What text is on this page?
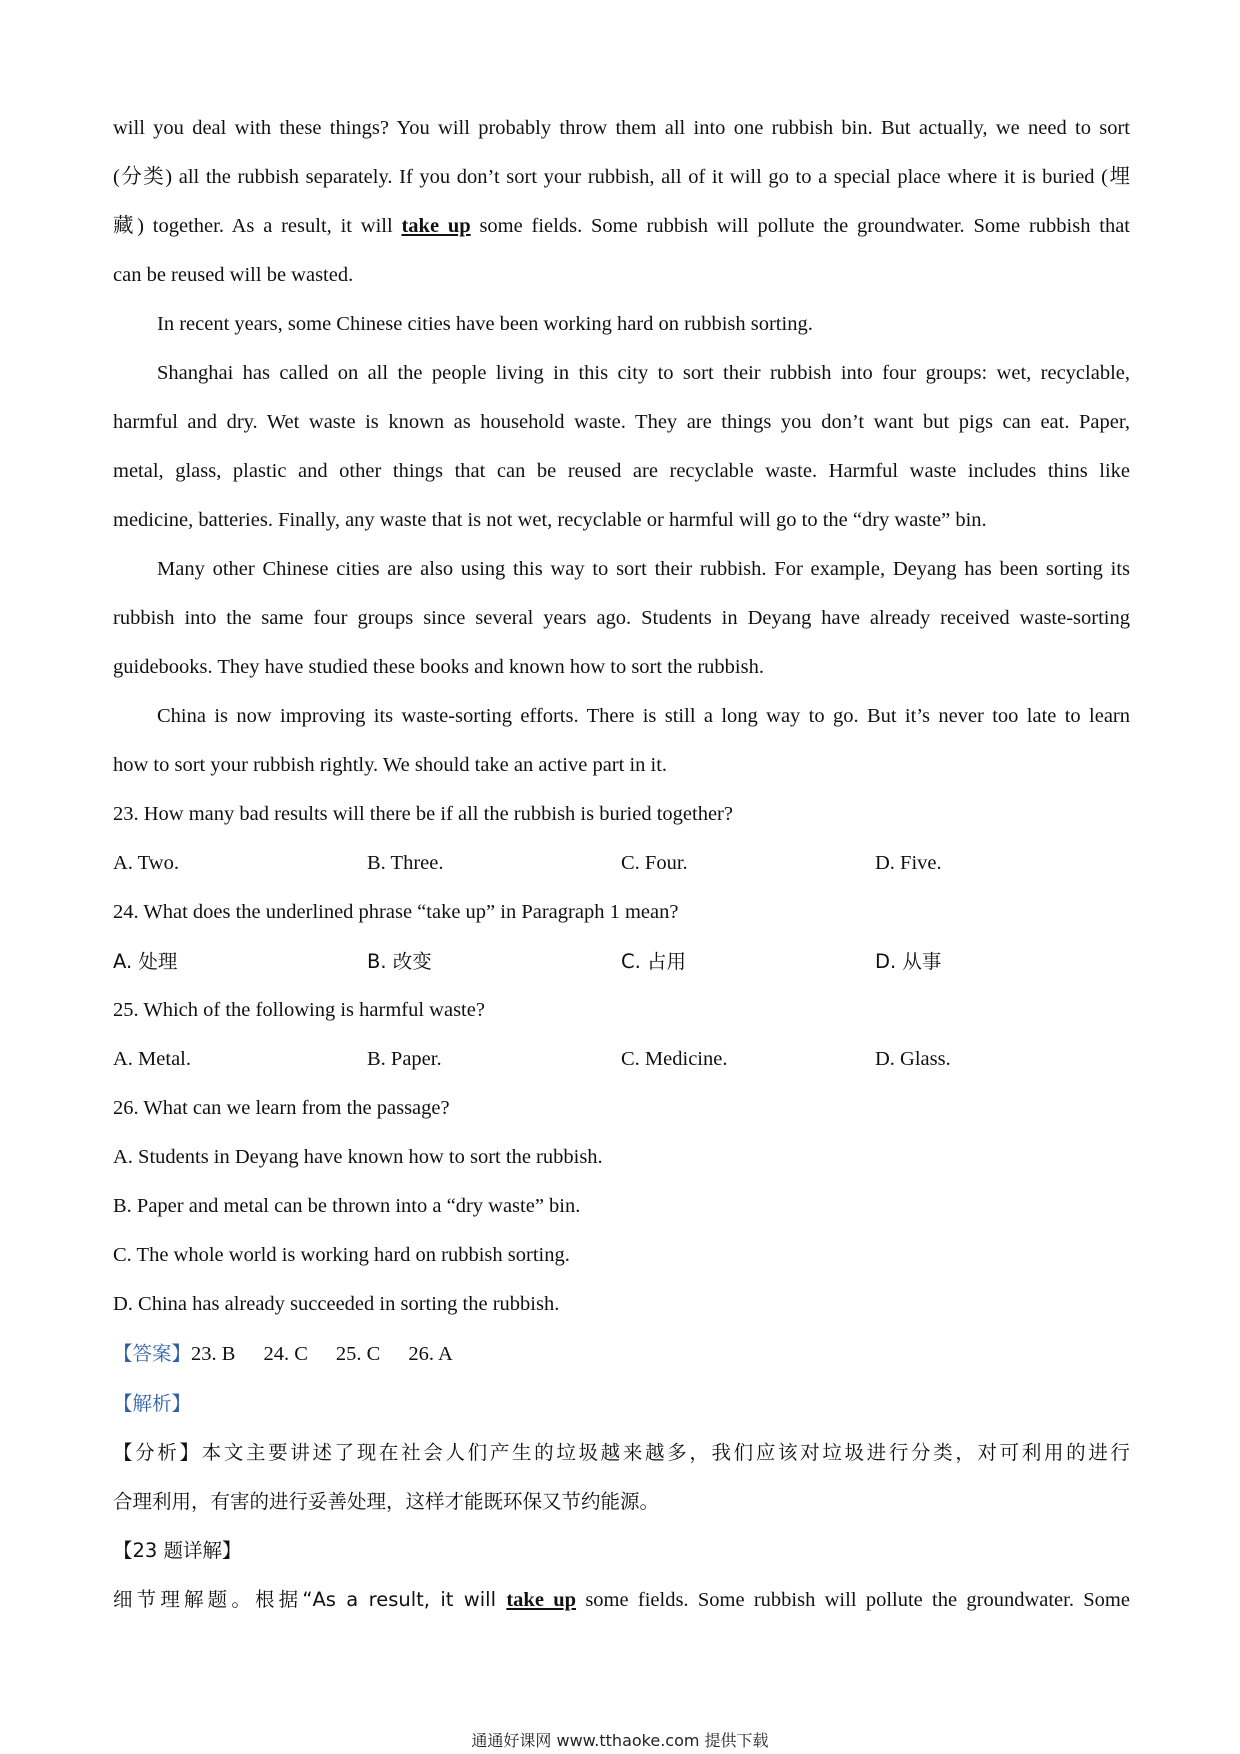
will you deal with these things? You will probably throw them all into one rubbish bin. But actually, we need to sort
(分类) all the rubbish separately. If you don’t sort your rubbish, all of it will go to a special place where it is buried (埋
藏) together. As a result, it will take up some fields. Some rubbish will pollute the groundwater. Some rubbish that
can be reused will be wasted.
In recent years, some Chinese cities have been working hard on rubbish sorting.
Shanghai has called on all the people living in this city to sort their rubbish into four groups: wet, recyclable,
harmful and dry. Wet waste is known as household waste. They are things you don’t want but pigs can eat. Paper,
metal, glass, plastic and other things that can be reused are recyclable waste. Harmful waste includes thins like
medicine, batteries. Finally, any waste that is not wet, recyclable or harmful will go to the “dry waste” bin.
Many other Chinese cities are also using this way to sort their rubbish. For example, Deyang has been sorting its
rubbish into the same four groups since several years ago. Students in Deyang have already received waste-sorting
guidebooks. They have studied these books and known how to sort the rubbish.
China is now improving its waste-sorting efforts. There is still a long way to go. But it’s never too late to learn
how to sort your rubbish rightly. We should take an active part in it.
23. How many bad results will there be if all the rubbish is buried together?
A. Two.	B. Three.	C. Four.	D. Five.
24. What does the underlined phrase “take up” in Paragraph 1 mean?
A. 处理	B. 改变	C. 占用	D. 从事
25. Which of the following is harmful waste?
A. Metal.	B. Paper.	C. Medicine.	D. Glass.
26. What can we learn from the passage?
A. Students in Deyang have known how to sort the rubbish.
B. Paper and metal can be thrown into a “dry waste” bin.
C. The whole world is working hard on rubbish sorting.
D. China has already succeeded in sorting the rubbish.
【答案】23. B 24. C 25. C 26. A
【解析】
【分析】本文主要讲述了现在社会人们产生的垃圾越来越多，我们应该对垃圾进行分类，对可利用的进行
合理利用，有害的进行妥善处理，这样才能既环保又节约能源。
【23 题详解】
细节理解题。根据“As a result, it will take up some fields. Some rubbish will pollute the groundwater. Some
通通好课网 www.tthaoke.com 提供下载
